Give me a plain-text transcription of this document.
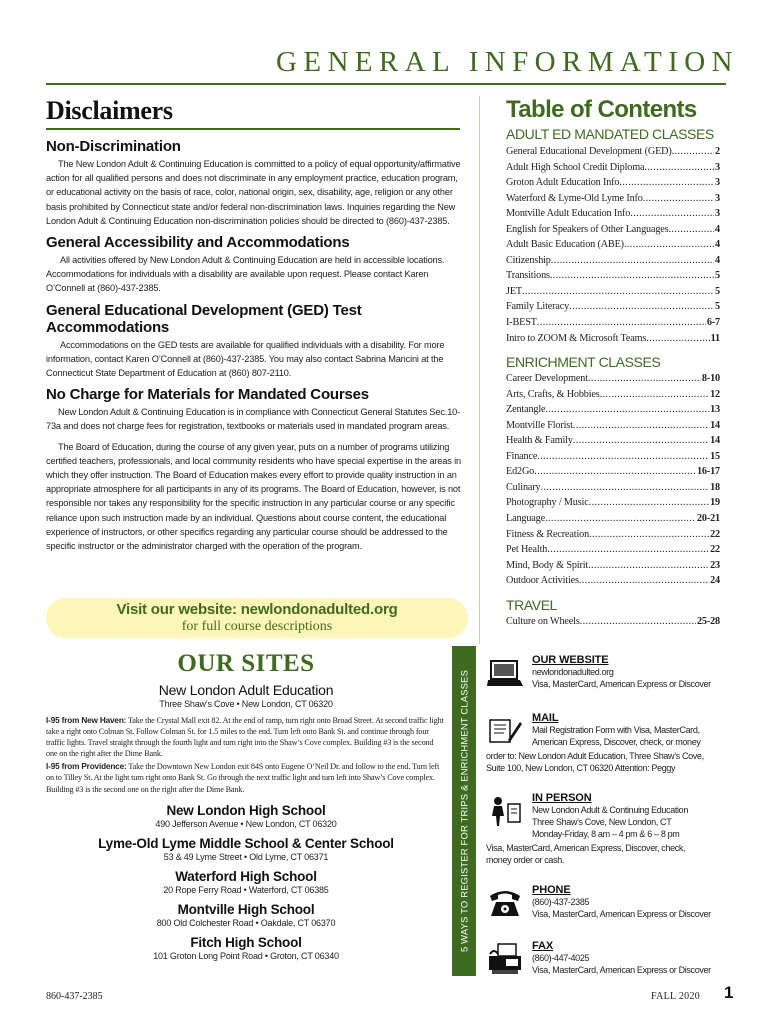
GENERAL INFORMATION
Disclaimers
Non-Discrimination

The New London Adult & Continuing Education is committed to a policy of equal opportunity/affirmative action for all qualified persons and does not discriminate in any employment practice, education program, or educational activity on the basis of race, color, national origin, sex, disability, age, religion or any other basis prohibited by Connecticut state and/or federal non-discrimination laws. Inquiries regarding the New London Adult & Continuing Education non-discrimination policies should be directed to (860)-437-2385.

General Accessibility and Accommodations

All activities offered by New London Adult & Continuing Education are held in accessible locations. Accommodations for individuals with a disability are available upon request. Please contact Karen O’Connell at (860)-437-2385.

General Educational Development (GED) Test Accommodations

Accommodations on the GED tests are available for qualified individuals with a disability. For more information, contact Karen O’Connell at (860)-437-2385. You may also contact Sabrina Mancini at the Connecticut State Department of Education at (860) 807-2110.

No Charge for Materials for Mandated Courses

New London Adult & Continuing Education is in compliance with Connecticut General Statutes Sec.10-73a and does not charge fees for registration, textbooks or materials used in mandated program areas.

The Board of Education, during the course of any given year, puts on a number of programs utilizing certified teachers, professionals, and local community residents who have special expertise in the areas in which they offer instruction. The Board of Education makes every effort to provide quality instruction in an appropriate atmosphere for all participants in any of its programs. The Board of Education, however, is not responsible nor takes any responsibility for the specific instruction in any particular course or any specific reliance upon such instruction made by an individual. Questions about course content, the educational experience of instructors, or other specifics regarding any particular course should be addressed to the specific instructor or the administrator charged with the operation of the program.

Visit our website: newlondonadulted.org
for full course descriptions
OUR SITES
New London Adult Education
Three Shaw’s Cove • New London, CT 06320
I-95 from New Haven: Take the Crystal Mall exit 82. At the end of ramp, turn right onto Broad Street. At second traffic light take a right onto Colman St. Follow Colman St. for 1.5 miles to the end. Turn left onto Bank St. and continue through four traffic lights. Travel straight through the fourth light and turn right into the Shaw’s Cove complex. Building #3 is the second one on the right after the Dime Bank.
I-95 from Providence: Take the Downtown New London exit 84S onto Eugene O’Neil Dr. and follow to the end. Turn left on to Tilley St. At the light turn right onto Bank St. Go through the next traffic light and turn left into Shaw’s Cove complex. Building #3 is the second one on the right after the Dime Bank.
New London High School
490 Jefferson Avenue • New London, CT 06320
Lyme-Old Lyme Middle School & Center School
53 & 49 Lyme Street • Old Lyme, CT 06371
Waterford High School
20 Rope Ferry Road • Waterford, CT 06385
Montville High School
800 Old Colchester Road • Oakdale, CT 06370
Fitch High School
101 Groton Long Point Road • Groton, CT 06340
Table of Contents
ADULT ED MANDATED CLASSES
General Educational Development (GED) .....	2
Adult High School Credit Diploma .....	3
Groton Adult Education Info .....	3
Waterford & Lyme-Old Lyme Info .....	3
Montville Adult Education Info .....	3
English for Speakers of Other Languages .....	4
Adult Basic Education (ABE) .....	4
Citizenship .....	4
Transitions .....	5
JET .....	5
Family Literacy .....	5
I-BEST .....	6-7
Intro to ZOOM & Microsoft Teams .....	11
ENRICHMENT CLASSES
Career Development .....	8-10
Arts, Crafts, & Hobbies .....	12
Zentangle .....	13
Montville Florist .....	14
Health & Family .....	14
Finance .....	15
Ed2Go .....	16-17
Culinary .....	18
Photography / Music .....	19
Language .....	20-21
Fitness & Recreation .....	22
Pet Health .....	22
Mind, Body & Spirit .....	23
Outdoor Activities .....	24
TRAVEL
Culture on Wheels .....	25-28
5 WAYS TO REGISTER FOR TRIPS & ENRICHMENT CLASSES
OUR WEBSITE
newlondonadulted.org
Visa, MasterCard, American Express or Discover
MAIL
Mail Registration Form with Visa, MasterCard,
American Express, Discover, check, or money
order to: New London Adult Education, Three Shaw’s Cove,
Suite 100, New London, CT 06320 Attention: Peggy
IN PERSON
New London Adult & Continuing Education
Three Shaw’s Cove, New London, CT
Monday-Friday, 8 am – 4 pm & 6 – 8 pm
Visa, MasterCard, American Express, Discover, check,
money order or cash.
PHONE
(860)-437-2385
Visa, MasterCard, American Express or Discover
FAX
(860)-447-4025
Visa, MasterCard, American Express or Discover
860-437-2385	FALL 2020 1
